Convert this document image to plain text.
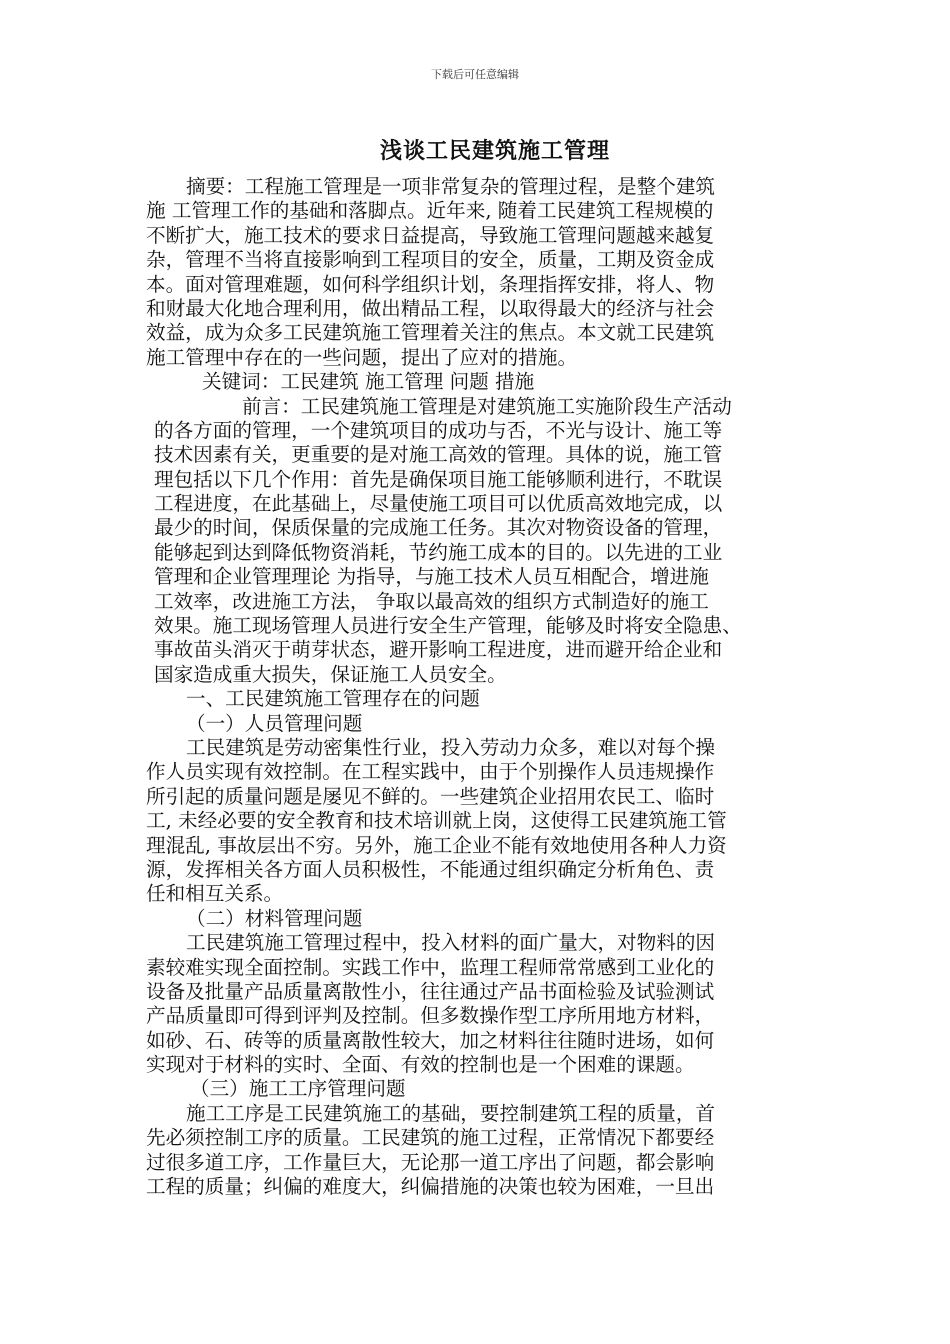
下载后可任意编辑
浅谈工民建筑施工管理
摘要：工程施工管理是一项非常复杂的管理过程，是整个建筑
施 工管理工作的基础和落脚点。近年来, 随着工民建筑工程规模的
不断扩大，施工技术的要求日益提高，导致施工管理问题越来越复
杂，管理不当将直接影响到工程项目的安全，质量，工期及资金成
本。面对管理难题，如何科学组织计划，条理指挥安排，将人、物
和财最大化地合理利用，做出精品工程，以取得最大的经济与社会
效益，成为众多工民建筑施工管理着关注的焦点。本文就工民建筑
施工管理中存在的一些问题，提出了应对的措施。
关键词：工民建筑 施工管理 问题 措施
前言：工民建筑施工管理是对建筑施工实施阶段生产活动
的各方面的管理，一个建筑项目的成功与否，不光与设计、施工等
技术因素有关，更重要的是对施工高效的管理。具体的说，施工管
理包括以下几个作用：首先是确保项目施工能够顺利进行，不耽误
工程进度，在此基础上，尽量使施工项目可以优质高效地完成，以
最少的时间，保质保量的完成施工任务。其次对物资设备的管理，
能够起到达到降低物资消耗，节约施工成本的目的。以先进的工业
管理和企业管理理论 为指导，与施工技术人员互相配合，增进施
工效率，改进施工方法， 争取以最高效的组织方式制造好的施工
效果。施工现场管理人员进行安全生产管理，能够及时将安全隐患、
事故苗头消灭于萌芽状态，避开影响工程进度，进而避开给企业和
国家造成重大损失，保证施工人员安全。
一、工民建筑施工管理存在的问题
（一）人员管理问题
工民建筑是劳动密集性行业，投入劳动力众多，难以对每个操
作人员实现有效控制。在工程实践中，由于个别操作人员违规操作
所引起的质量问题是屡见不鲜的。一些建筑企业招用农民工、临时
工, 未经必要的安全教育和技术培训就上岗，这使得工民建筑施工管
理混乱, 事故层出不穷。另外，施工企业不能有效地使用各种人力资
源，发挥相关各方面人员积极性，不能通过组织确定分析角色、责
任和相互关系。
（二）材料管理问题
工民建筑施工管理过程中，投入材料的面广量大，对物料的因
素较难实现全面控制。实践工作中，监理工程师常常感到工业化的
设备及批量产品质量离散性小，往往通过产品书面检验及试验测试
产品质量即可得到评判及控制。但多数操作型工序所用地方材料，
如砂、石、砖等的质量离散性较大，加之材料往往随时进场，如何
实现对于材料的实时、全面、有效的控制也是一个困难的课题。
（三）施工工序管理问题
施工工序是工民建筑施工的基础，要控制建筑工程的质量，首
先必须控制工序的质量。工民建筑的施工过程，正常情况下都要经
过很多道工序，工作量巨大，无论那一道工序出了问题，都会影响
工程的质量；纠偏的难度大，纠偏措施的决策也较为困难，一旦出
